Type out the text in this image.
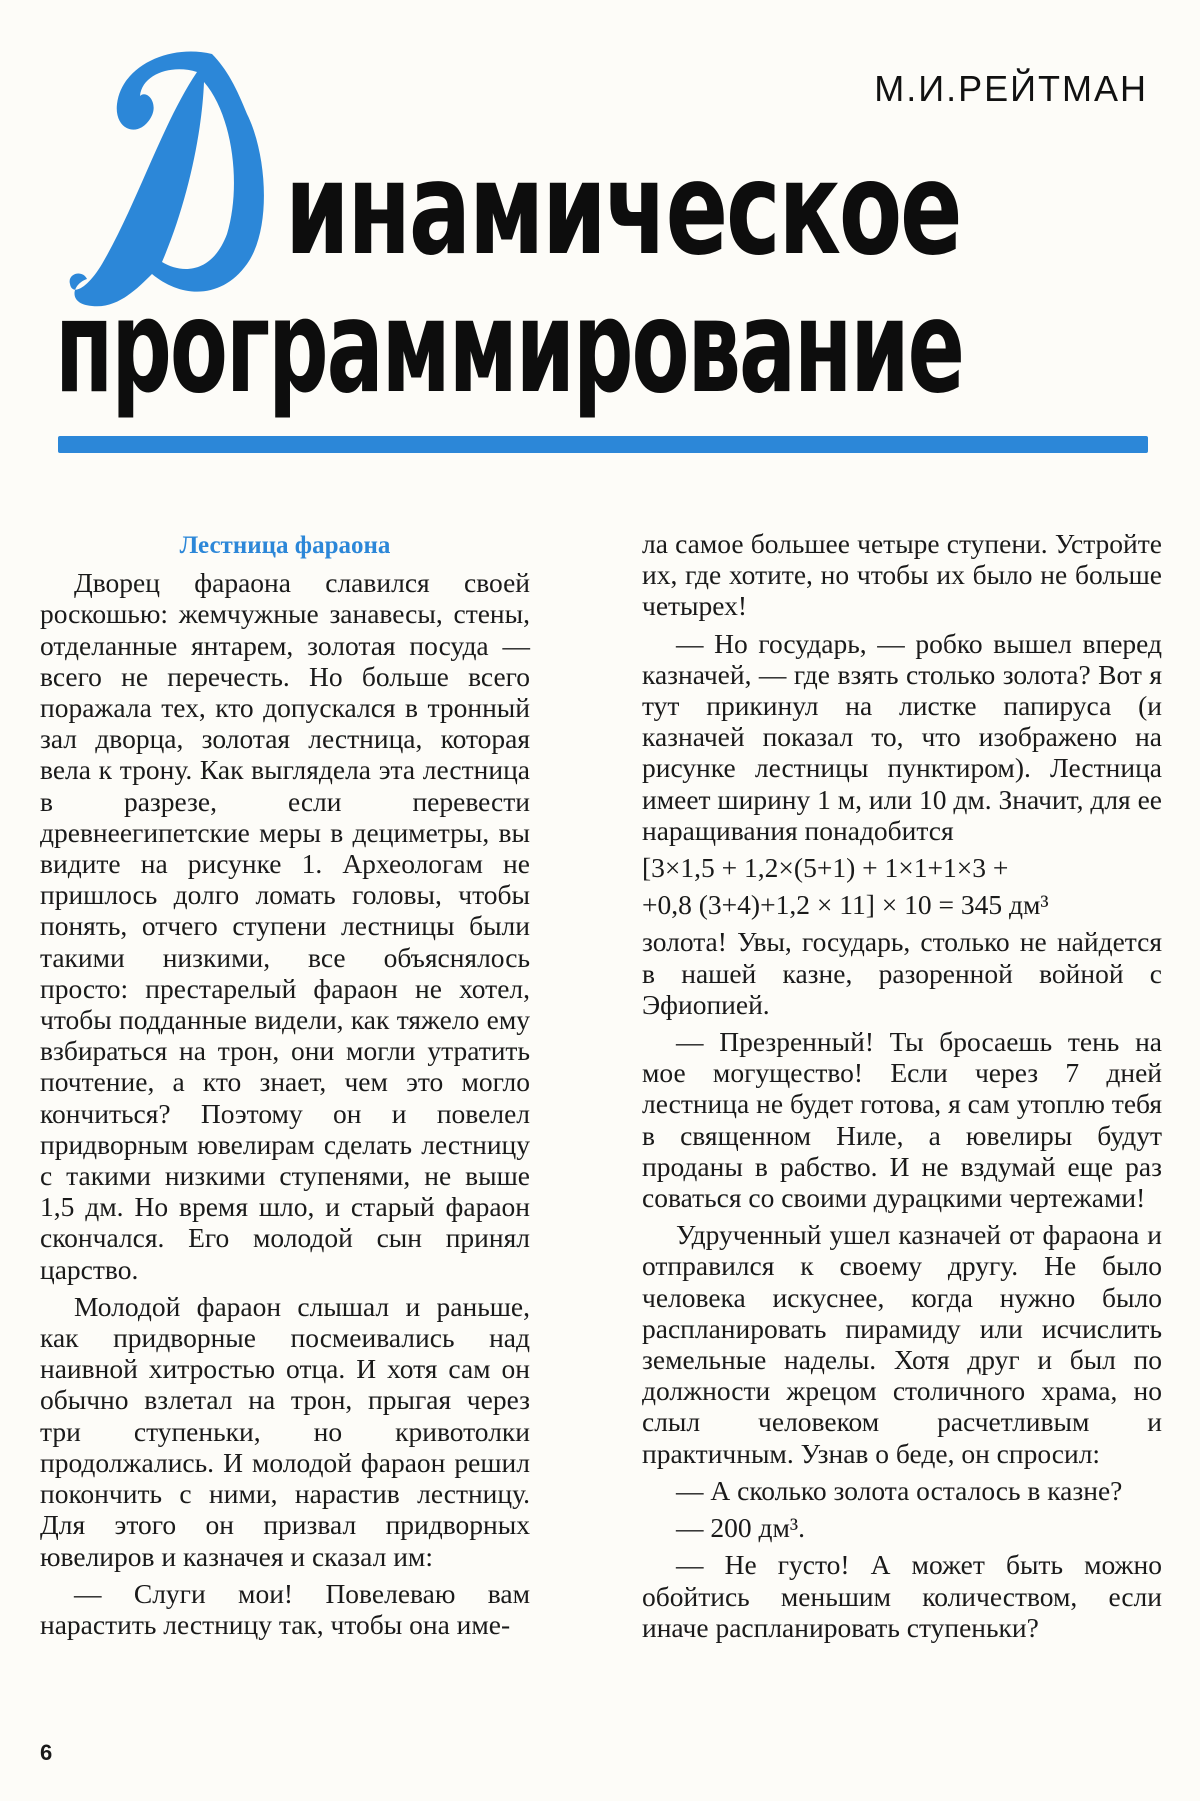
М.И.РЕЙТМАН
Д
инамическое
программирование

Лестница фараона

Дворец фараона славился своей роскошью: жемчужные занавесы, стены, отделанные янтарем, золотая посуда — всего не перечесть. Но больше всего поражала тех, кто допускался в тронный зал дворца, золотая лестница, которая вела к трону. Как выглядела эта лестница в разрезе, если перевести древнеегипетские меры в дециметры, вы видите на рисунке 1. Археологам не пришлось долго ломать головы, чтобы понять, отчего ступени лестницы были такими низкими, все объяснялось просто: престарелый фараон не хотел, чтобы подданные видели, как тяжело ему взбираться на трон, они могли утратить почтение, а кто знает, чем это могло кончиться? Поэтому он и повелел придворным ювелирам сделать лестницу с такими низкими ступенями, не выше 1,5 дм. Но время шло, и старый фараон скончался. Его молодой сын принял царство.

Молодой фараон слышал и раньше, как придворные посмеивались над наивной хитростью отца. И хотя сам он обычно взлетал на трон, прыгая через три ступеньки, но кривотолки продолжались. И молодой фараон решил покончить с ними, нарастив лестницу. Для этого он призвал придворных ювелиров и казначея и сказал им:

— Слуги мои! Повелеваю вам нарастить лестницу так, чтобы она име-

ла самое большее четыре ступени. Устройте их, где хотите, но чтобы их было не больше четырех!

— Но государь, — робко вышел вперед казначей, — где взять столько золота? Вот я тут прикинул на листке папируса (и казначей показал то, что изображено на рисунке лестницы пунктиром). Лестница имеет ширину 1 м, или 10 дм. Значит, для ее наращивания понадобится

[3×1,5 + 1,2×(5+1) + 1×1+1×3 +

+0,8 (3+4)+1,2 × 11] × 10 = 345 дм³

золота! Увы, государь, столько не найдется в нашей казне, разоренной войной с Эфиопией.

— Презренный! Ты бросаешь тень на мое могущество! Если через 7 дней лестница не будет готова, я сам утоплю тебя в священном Ниле, а ювелиры будут проданы в рабство. И не вздумай еще раз соваться со своими дурацкими чертежами!

Удрученный ушел казначей от фараона и отправился к своему другу. Не было человека искуснее, когда нужно было распланировать пирамиду или исчислить земельные наделы. Хотя друг и был по должности жрецом столичного храма, но слыл человеком расчетливым и практичным. Узнав о беде, он спросил:

— А сколько золота осталось в казне?

— 200 дм³.

— Не густо! А может быть можно обойтись меньшим количеством, если иначе распланировать ступеньки?

6
